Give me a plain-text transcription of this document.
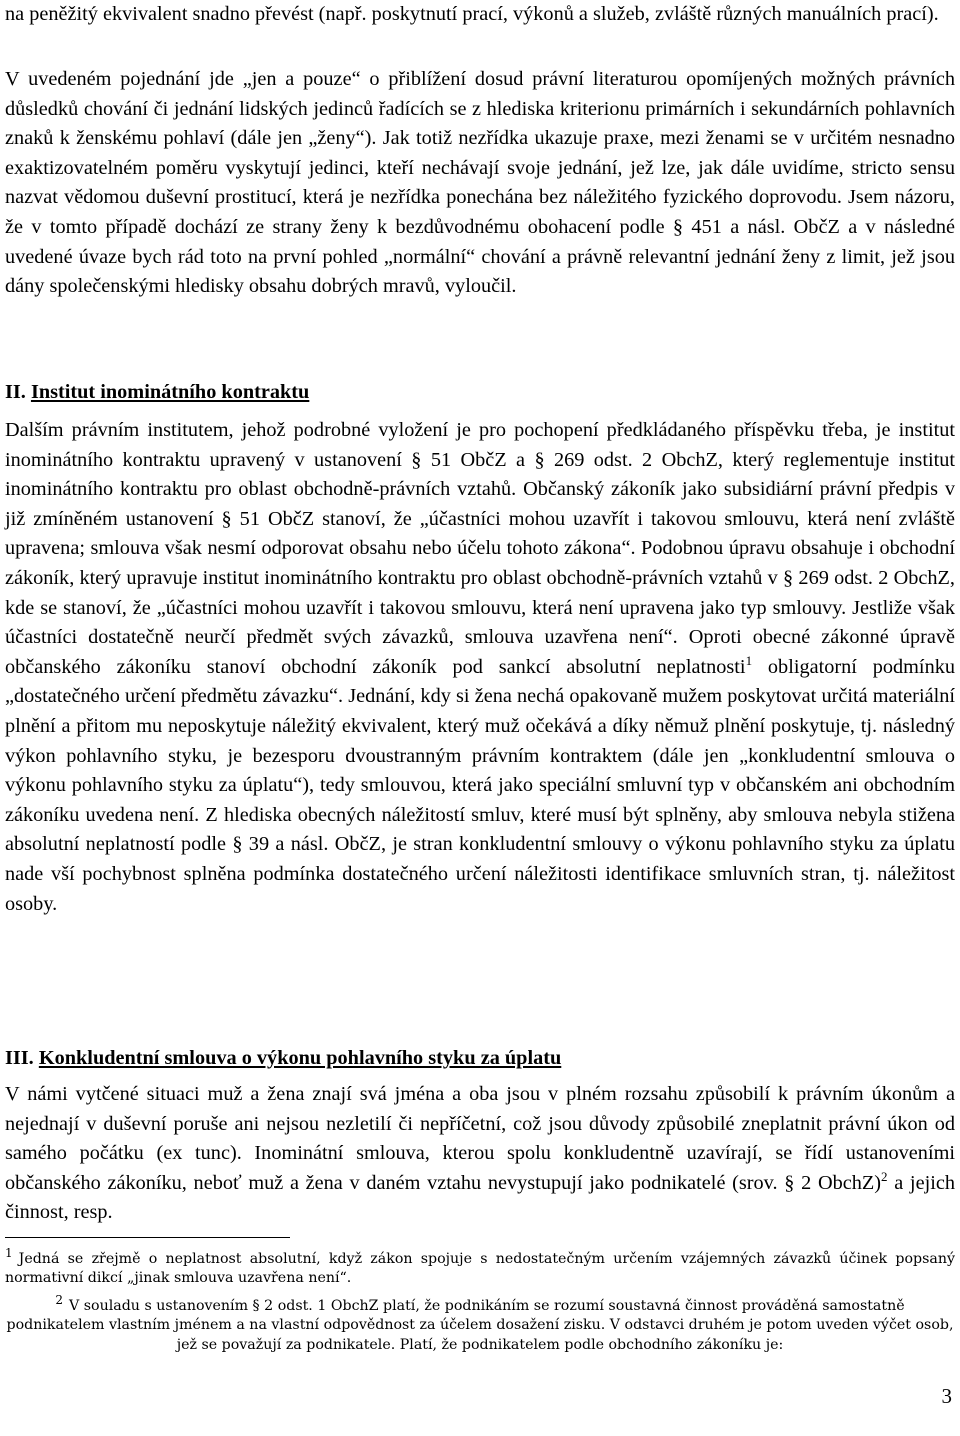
na peněžitý ekvivalent snadno převést (např. poskytnutí prací, výkonů a služeb, zvláště různých manuálních prací).

V uvedeném pojednání jde „jen a pouze“ o přiblížení dosud právní literaturou opomíjených možných právních důsledků chování či jednání lidských jedinců řadících se z hlediska kriterionu primárních i sekundárních pohlavních znaků k ženskému pohlaví (dále jen „ženy“). Jak totiž nezřídka ukazuje praxe, mezi ženami se v určitém nesnadno exaktizovatelném poměru vyskytují jedinci, kteří nechávají svoje jednání, jež lze, jak dále uvidíme, stricto sensu nazvat vědomou duševní prostitucí, která je nezřídka ponechána bez náležitého fyzického doprovodu. Jsem názoru, že v tomto případě dochází ze strany ženy k bezdůvodnému obohacení podle § 451 a násl. ObčZ a v následné uvedené úvaze bych rád toto na první pohled „normální“ chování a právně relevantní jednání ženy z limit, jež jsou dány společenskými hledisky obsahu dobrých mravů, vyloučil.

II. Institut inominátního kontraktu

Dalším právním institutem, jehož podrobné vyložení je pro pochopení předkládaného příspěvku třeba, je institut inominátního kontraktu upravený v ustanovení § 51 ObčZ a § 269 odst. 2 ObchZ, který reglementuje institut inominátního kontraktu pro oblast obchodně-právních vztahů. Občanský zákoník jako subsidiární právní předpis v již zmíněném ustanovení § 51 ObčZ stanoví, že „účastníci mohou uzavřít i takovou smlouvu, která není zvláště upravena; smlouva však nesmí odporovat obsahu nebo účelu tohoto zákona“. Podobnou úpravu obsahuje i obchodní zákoník, který upravuje institut inominátního kontraktu pro oblast obchodně-právních vztahů v § 269 odst. 2 ObchZ, kde se stanoví, že „účastníci mohou uzavřít i takovou smlouvu, která není upravena jako typ smlouvy. Jestliže však účastníci dostatečně neurčí předmět svých závazků, smlouva uzavřena není“. Oproti obecné zákonné úpravě občanského zákoníku stanoví obchodní zákoník pod sankcí absolutní neplatnosti$^1$ obligatorní podmínku „dostatečného určení předmětu závazku“. Jednání, kdy si žena nechá opakovaně mužem poskytovat určitá materiální plnění a přitom mu neposkytuje náležitý ekvivalent, který muž očekává a díky němuž plnění poskytuje, tj. následný výkon pohlavního styku, je bezesporu dvoustranným právním kontraktem (dále jen „konkludentní smlouva o výkonu pohlavního styku za úplatu“), tedy smlouvou, která jako speciální smluvní typ v občanském ani obchodním zákoníku uvedena není. Z hlediska obecných náležitostí smluv, které musí být splněny, aby smlouva nebyla stižena absolutní neplatností podle § 39 a násl. ObčZ, je stran konkludentní smlouvy o výkonu pohlavního styku za úplatu nade vší pochybnost splněna podmínka dostatečného určení náležitosti identifikace smluvních stran, tj. náležitost osoby.

III. Konkludentní smlouva o výkonu pohlavního styku za úplatu

V námi vytčené situaci muž a žena znají svá jména a oba jsou v plném rozsahu způsobilí k právním úkonům a nejednají v duševní poruše ani nejsou nezletilí či nepříčetní, což jsou důvody způsobilé zneplatnit právní úkon od samého počátku (ex tunc). Inominátní smlouva, kterou spolu konkludentně uzavírají, se řídí ustanoveními občanského zákoníku, neboť muž a žena v daném vztahu nevystupují jako podnikatelé (srov. § 2 ObchZ)$^2$ a jejich činnost, resp.

$^1$ Jedná se zřejmě o neplatnost absolutní, když zákon spojuje s nedostatečným určením vzájemných závazků účinek popsaný normativní dikcí „jinak smlouva uzavřena není“.

$^2$ V souladu s ustanovením § 2 odst. 1 ObchZ platí, že podnikáním se rozumí soustavná činnost prováděná samostatně podnikatelem vlastním jménem a na vlastní odpovědnost za účelem dosažení zisku. V odstavci druhém je potom uveden výčet osob, jež se považují za podnikatele. Platí, že podnikatelem podle obchodního zákoníku je:

3
